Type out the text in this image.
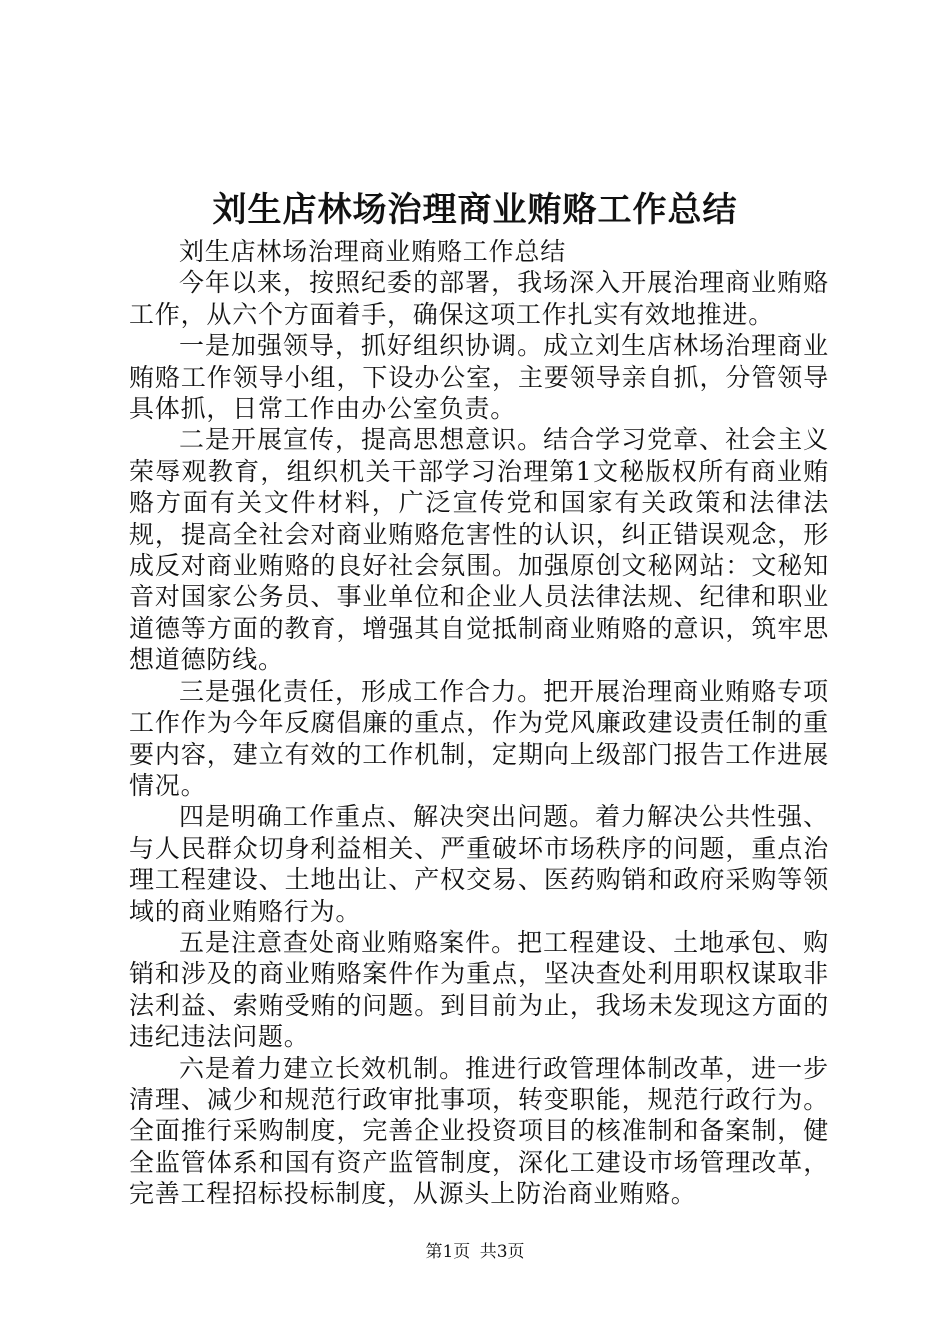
刘生店林场治理商业贿赂工作总结

刘生店林场治理商业贿赂工作总结

今年以来，按照纪委的部署，我场深入开展治理商业贿赂工作，从六个方面着手，确保这项工作扎实有效地推进。

一是加强领导，抓好组织协调。成立刘生店林场治理商业贿赂工作领导小组，下设办公室，主要领导亲自抓，分管领导具体抓，日常工作由办公室负责。

二是开展宣传，提高思想意识。结合学习党章、社会主义荣辱观教育，组织机关干部学习治理第1文秘版权所有商业贿赂方面有关文件材料，广泛宣传党和国家有关政策和法律法规，提高全社会对商业贿赂危害性的认识，纠正错误观念，形成反对商业贿赂的良好社会氛围。加强原创文秘网站：文秘知音对国家公务员、事业单位和企业人员法律法规、纪律和职业道德等方面的教育，增强其自觉抵制商业贿赂的意识，筑牢思想道德防线。

三是强化责任，形成工作合力。把开展治理商业贿赂专项工作作为今年反腐倡廉的重点，作为党风廉政建设责任制的重要内容，建立有效的工作机制，定期向上级部门报告工作进展情况。

四是明确工作重点、解决突出问题。着力解决公共性强、与人民群众切身利益相关、严重破坏市场秩序的问题，重点治理工程建设、土地出让、产权交易、医药购销和政府采购等领域的商业贿赂行为。

五是注意查处商业贿赂案件。把工程建设、土地承包、购销和涉及的商业贿赂案件作为重点，坚决查处利用职权谋取非法利益、索贿受贿的问题。到目前为止，我场未发现这方面的违纪违法问题。

六是着力建立长效机制。推进行政管理体制改革，进一步清理、减少和规范行政审批事项，转变职能，规范行政行为。全面推行采购制度，完善企业投资项目的核准制和备案制，健全监管体系和国有资产监管制度，深化工建设市场管理改革，完善工程招标投标制度，从源头上防治商业贿赂。

第1页 共3页
